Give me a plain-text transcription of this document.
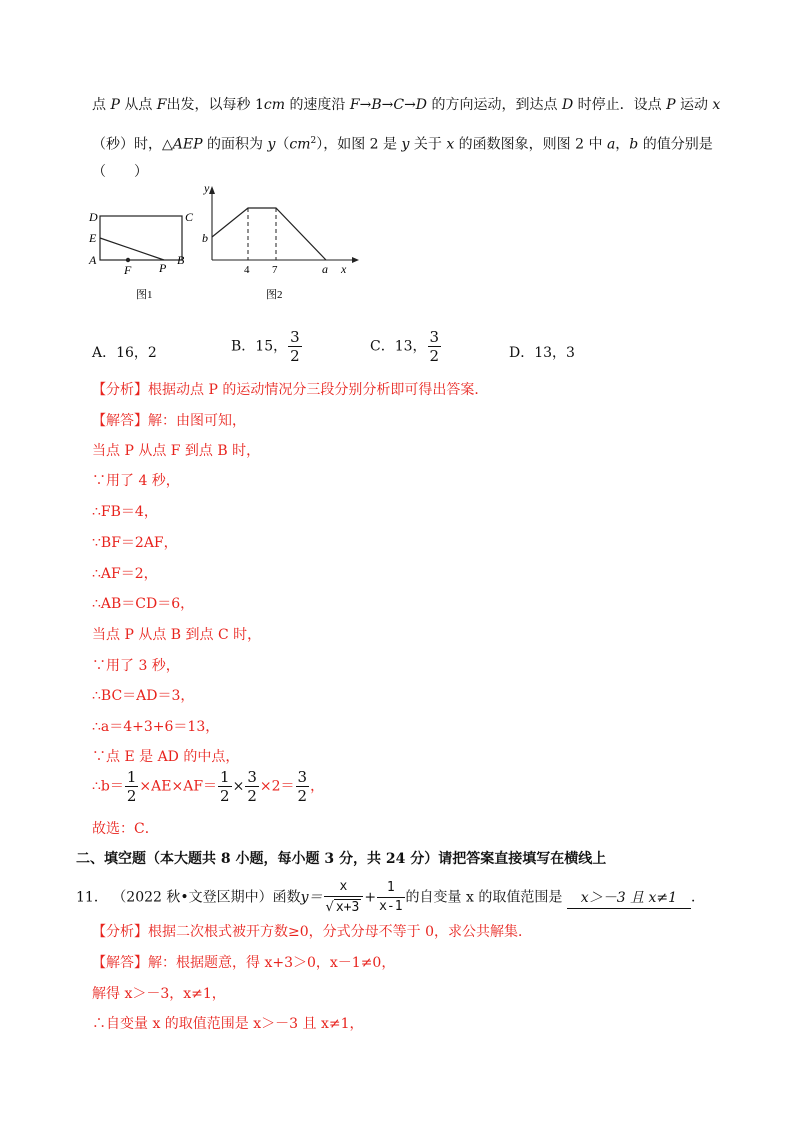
点 P 从点 F出发，以每秒 1cm 的速度沿 F→B→C→D 的方向运动，到达点 D 时停止．设点 P 运动 x
（秒）时，△AEP 的面积为 $y(cm^2)$，如图 2 是 y 关于 x 的函数图象，则图 2 中 a，b 的值分别是
（　　）
D	C
E
A
F P
B
图1
y
b
4 7	a x
图2
A．16，2	B．15， $\frac{3}{2}$	C．13， $\frac{3}{2}$	D．13，3
【分析】根据动点 P 的运动情况分三段分别分析即可得出答案．
【解答】解：由图可知，
当点 P 从点 F 到点 B 时，
∵用了 4 秒，
∴FB＝4，
∵BF＝2AF，
∴AF＝2，
∴AB＝CD＝6，
当点 P 从点 B 到点 C 时，
∵用了 3 秒，
∴BC＝AD＝3，
∴a＝4+3+6＝13，
∵点 E 是 AD 的中点，
∴b＝ $\frac{1}{2} \times AE\times AF= \frac{1}{2} \times \frac{3}{2} \times 2= \frac{3}{2}$ ，
故选：C．
二、填空题（本大题共 8 小题，每小题 3 分，共 24 分）请把答案直接填写在横线上
11． （2022 秋•文登区期中）函数$y= \frac{x}{√ x+3} + \frac{1}{x-1}$ 的自变量 x 的取值范围是 x＞－3 且 x≠1 ．
【分析】根据二次根式被开方数≥0，分式分母不等于 0，求公共解集．
【解答】解：根据题意，得 x+3＞0，x－1≠0，
解得 x＞－3，x≠1，
∴自变量 x 的取值范围是 x＞－3 且 x≠1，
